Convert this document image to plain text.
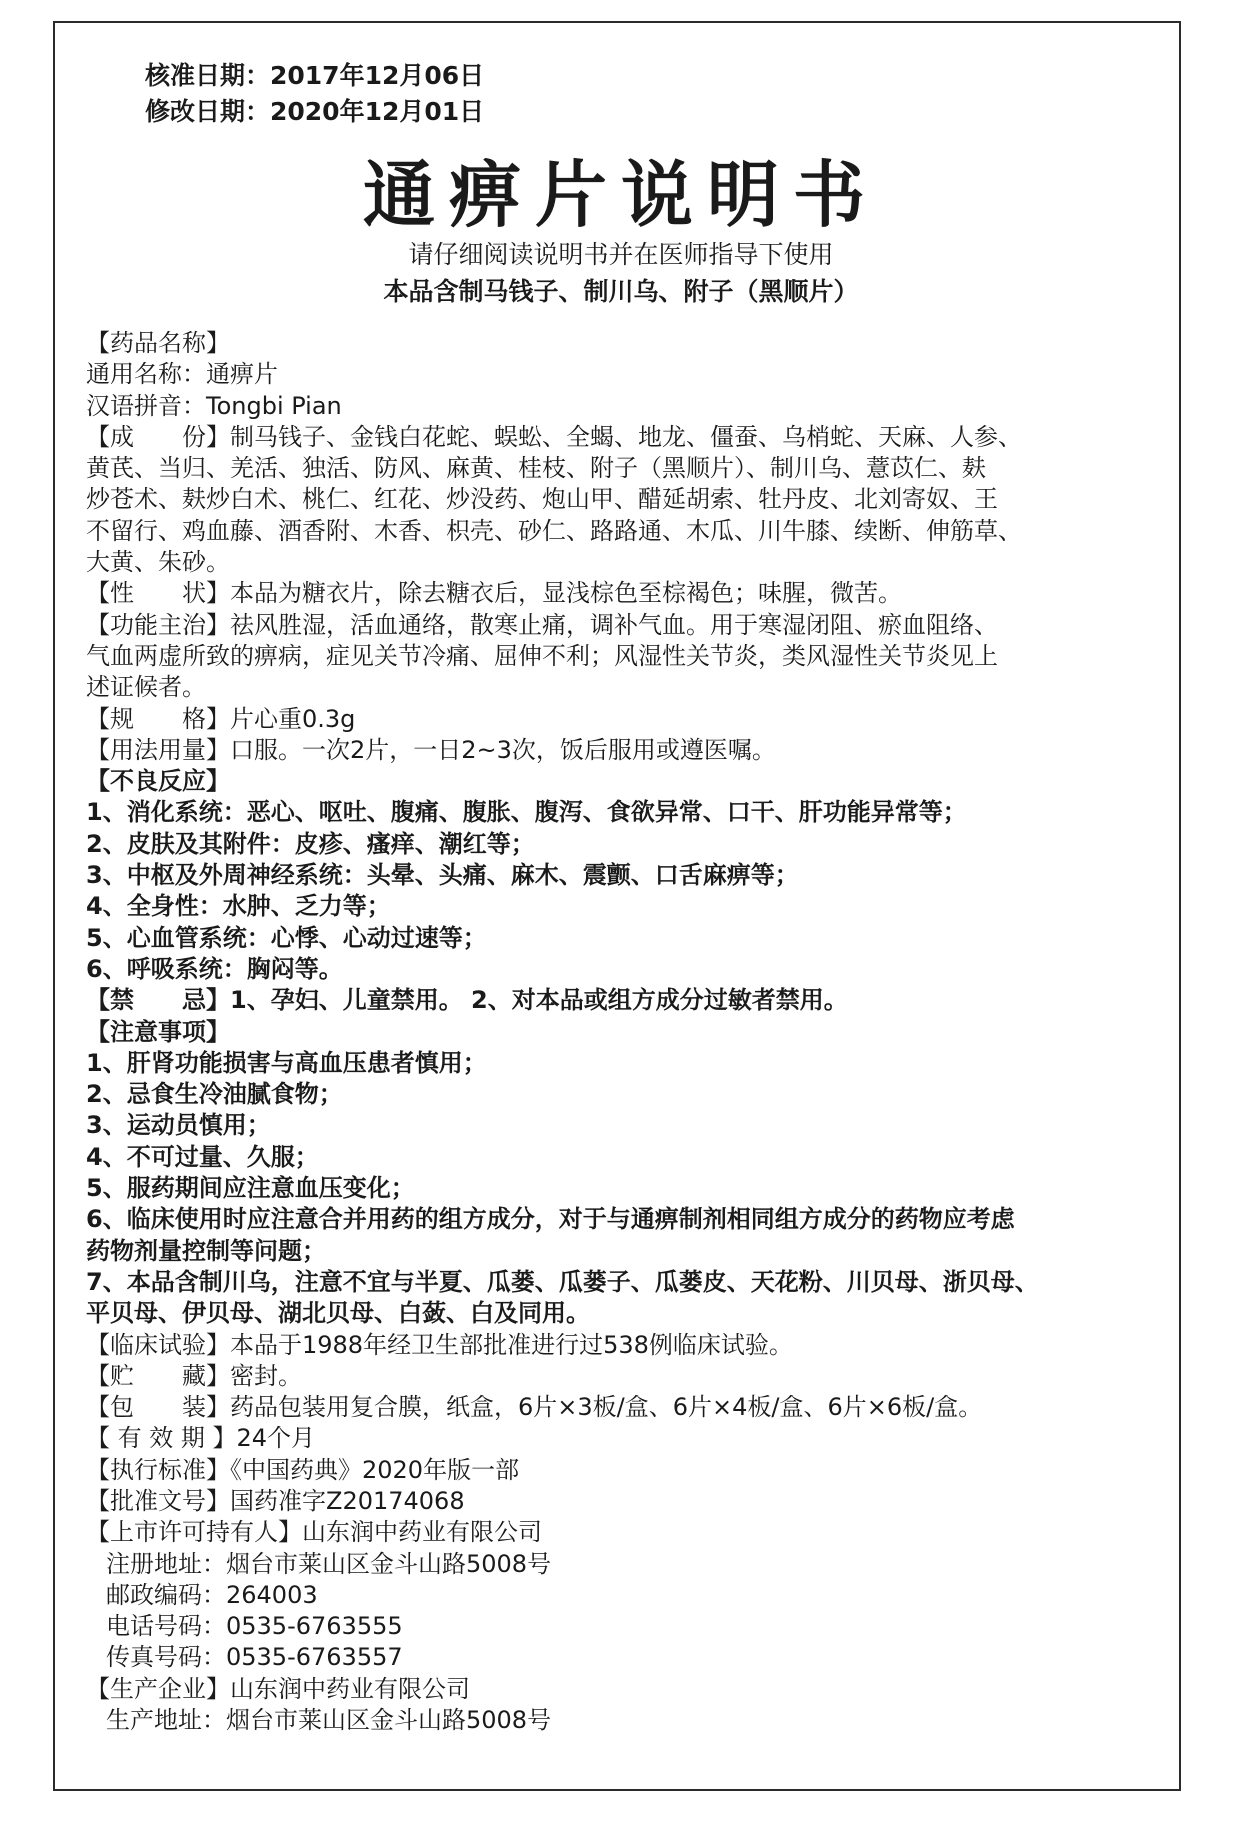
核准日期：2017年12月06日
修改日期：2020年12月01日
通痹片说明书
请仔细阅读说明书并在医师指导下使用
本品含制马钱子、制川乌、附子（黑顺片）
【药品名称】
通用名称：通痹片
汉语拼音：Tongbi Pian
【成　　份】制马钱子、金钱白花蛇、蜈蚣、全蝎、地龙、僵蚕、乌梢蛇、天麻、人参、
黄芪、当归、羌活、独活、防风、麻黄、桂枝、附子（黑顺片）、制川乌、薏苡仁、麸
炒苍术、麸炒白术、桃仁、红花、炒没药、炮山甲、醋延胡索、牡丹皮、北刘寄奴、王
不留行、鸡血藤、酒香附、木香、枳壳、砂仁、路路通、木瓜、川牛膝、续断、伸筋草、
大黄、朱砂。
【性　　状】本品为糖衣片，除去糖衣后，显浅棕色至棕褐色；味腥，微苦。
【功能主治】祛风胜湿，活血通络，散寒止痛，调补气血。用于寒湿闭阻、瘀血阻络、
气血两虚所致的痹病，症见关节冷痛、屈伸不利；风湿性关节炎，类风湿性关节炎见上
述证候者。
【规　　格】片心重0.3g
【用法用量】口服。一次2片，一日2~3次，饭后服用或遵医嘱。
【不良反应】
1、消化系统：恶心、呕吐、腹痛、腹胀、腹泻、食欲异常、口干、肝功能异常等；
2、皮肤及其附件：皮疹、瘙痒、潮红等；
3、中枢及外周神经系统：头晕、头痛、麻木、震颤、口舌麻痹等；
4、全身性：水肿、乏力等；
5、心血管系统：心悸、心动过速等；
6、呼吸系统：胸闷等。
【禁　　忌】1、孕妇、儿童禁用。 2、对本品或组方成分过敏者禁用。
【注意事项】
1、肝肾功能损害与高血压患者慎用；
2、忌食生冷油腻食物；
3、运动员慎用；
4、不可过量、久服；
5、服药期间应注意血压变化；
6、临床使用时应注意合并用药的组方成分，对于与通痹制剂相同组方成分的药物应考虑
药物剂量控制等问题；
7、本品含制川乌，注意不宜与半夏、瓜蒌、瓜蒌子、瓜蒌皮、天花粉、川贝母、浙贝母、
平贝母、伊贝母、湖北贝母、白蔹、白及同用。
【临床试验】本品于1988年经卫生部批准进行过538例临床试验。
【贮　　藏】密封。
【包　　装】药品包装用复合膜，纸盒，6片×3板/盒、6片×4板/盒、6片×6板/盒。
【 有 效 期 】24个月
【执行标准】《中国药典》2020年版一部
【批准文号】国药准字Z20174068
【上市许可持有人】山东润中药业有限公司
注册地址：烟台市莱山区金斗山路5008号
邮政编码：264003
电话号码：0535-6763555
传真号码：0535-6763557
【生产企业】山东润中药业有限公司
生产地址：烟台市莱山区金斗山路5008号
